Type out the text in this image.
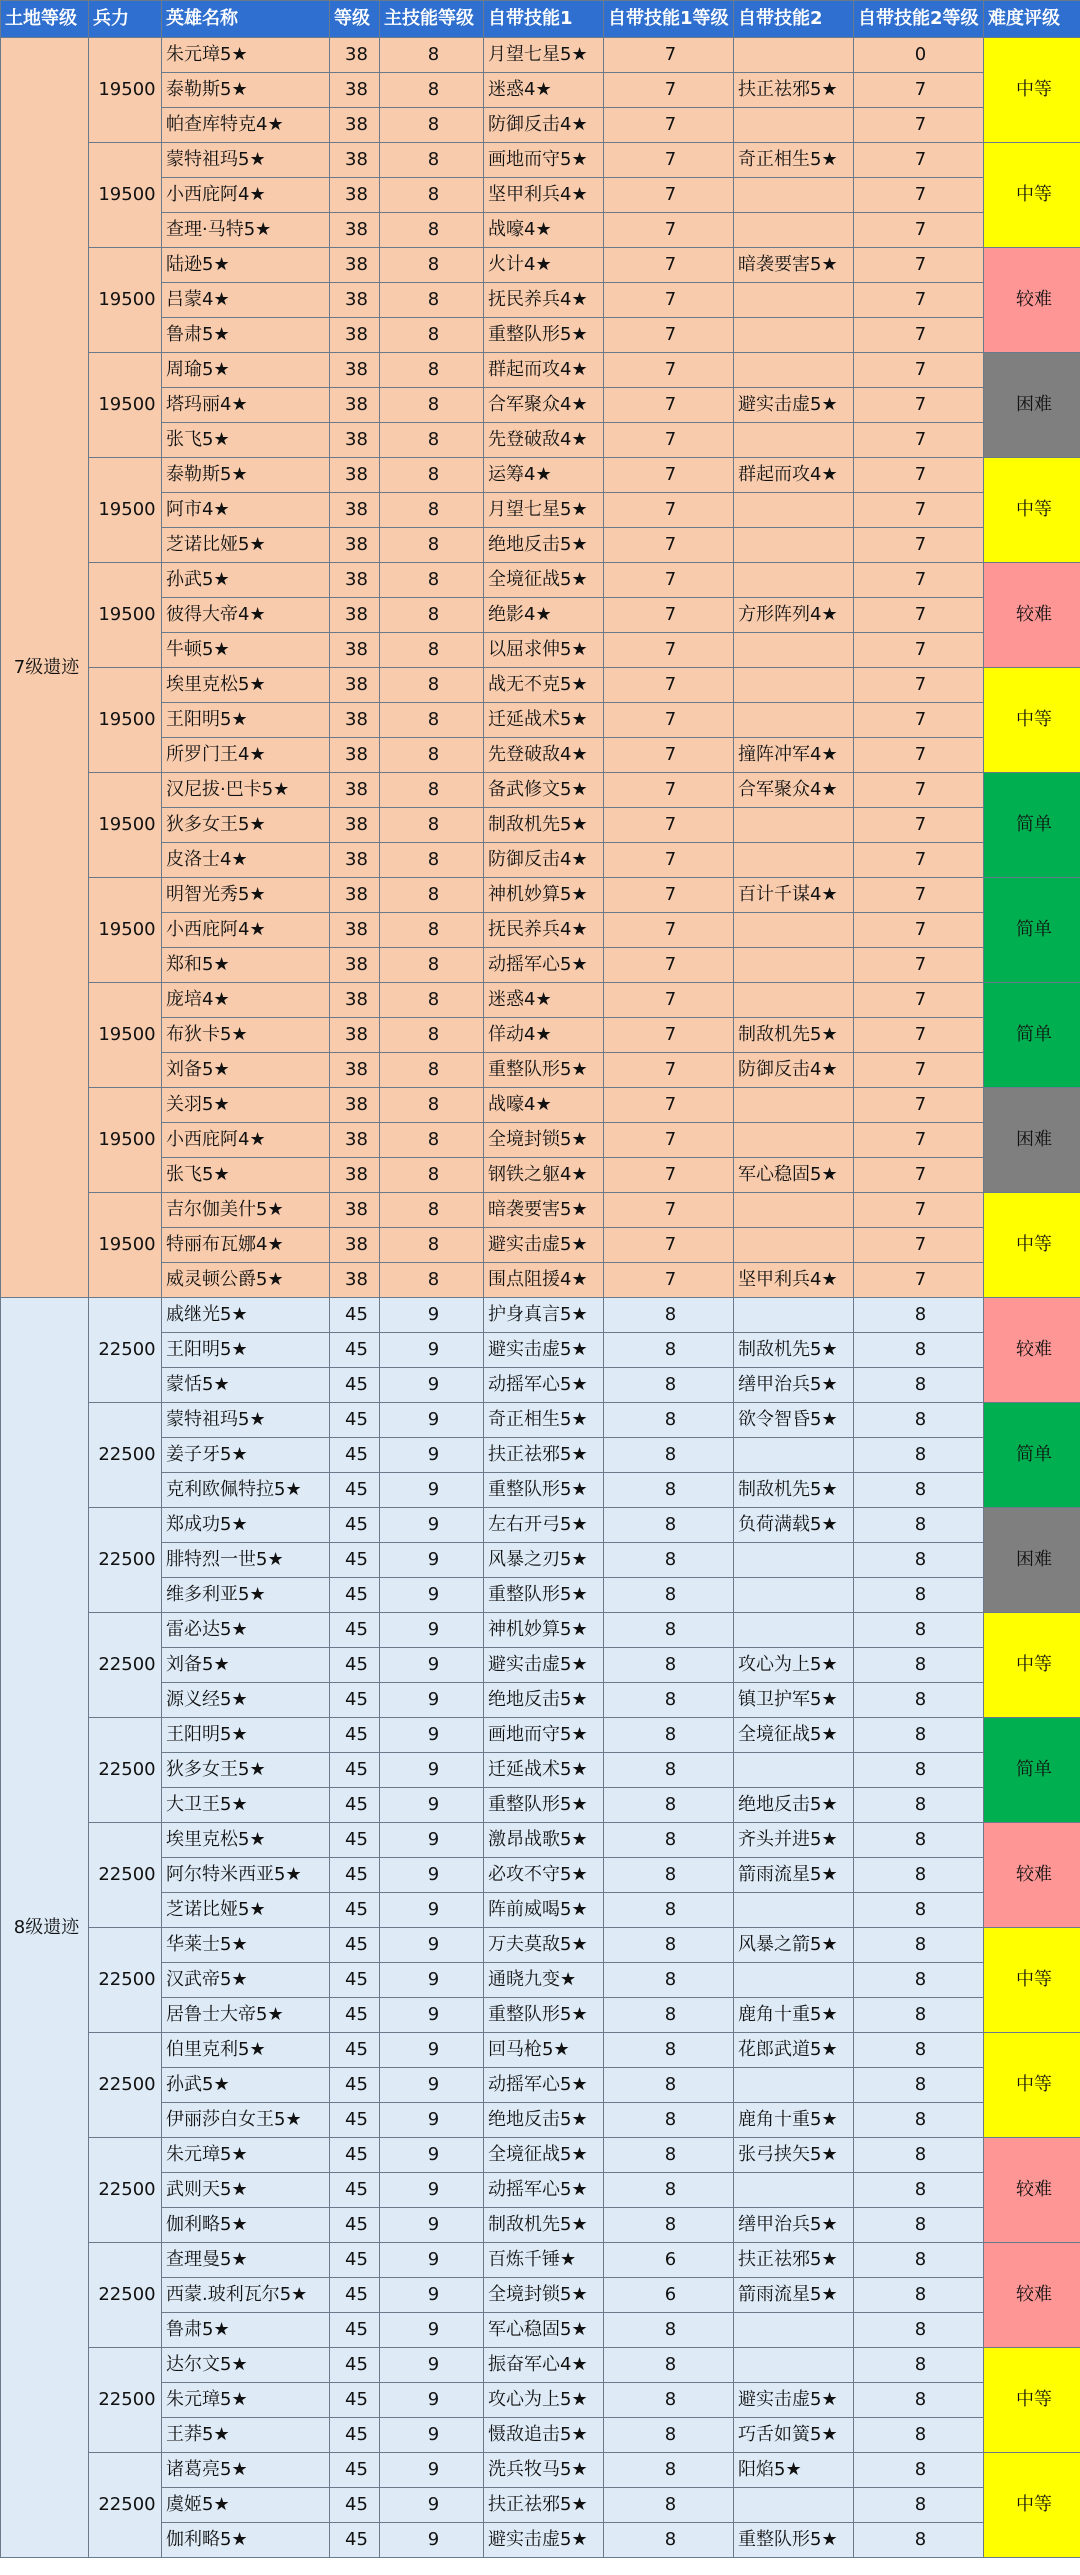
土地等级	兵力	英雄名称	等级	主技能等级	自带技能1	自带技能1等级	自带技能2	自带技能2等级	难度评级
7级遗迹	19500	朱元璋5★	38	8	月望七星5★	7		0	中等
		泰勒斯5★	38	8	迷惑4★	7	扶正祛邪5★	7	
		帕查库特克4★	38	8	防御反击4★	7		7	
	19500	蒙特祖玛5★	38	8	画地而守5★	7	奇正相生5★	7	中等
		小西庇阿4★	38	8	坚甲利兵4★	7		7	
		查理·马特5★	38	8	战嚎4★	7		7	
	19500	陆逊5★	38	8	火计4★	7	暗袭要害5★	7	较难
		吕蒙4★	38	8	抚民养兵4★	7		7	
		鲁肃5★	38	8	重整队形5★	7		7	
	19500	周瑜5★	38	8	群起而攻4★	7		7	困难
		塔玛丽4★	38	8	合军聚众4★	7	避实击虚5★	7	
		张飞5★	38	8	先登破敌4★	7		7	
	19500	泰勒斯5★	38	8	运筹4★	7	群起而攻4★	7	中等
		阿市4★	38	8	月望七星5★	7		7	
		芝诺比娅5★	38	8	绝地反击5★	7		7	
	19500	孙武5★	38	8	全境征战5★	7		7	较难
		彼得大帝4★	38	8	绝影4★	7	方形阵列4★	7	
		牛顿5★	38	8	以屈求伸5★	7		7	
	19500	埃里克松5★	38	8	战无不克5★	7		7	中等
		王阳明5★	38	8	迁延战术5★	7		7	
		所罗门王4★	38	8	先登破敌4★	7	撞阵冲军4★	7	
	19500	汉尼拔·巴卡5★	38	8	备武修文5★	7	合军聚众4★	7	简单
		狄多女王5★	38	8	制敌机先5★	7		7	
		皮洛士4★	38	8	防御反击4★	7		7	
	19500	明智光秀5★	38	8	神机妙算5★	7	百计千谋4★	7	简单
		小西庇阿4★	38	8	抚民养兵4★	7		7	
		郑和5★	38	8	动摇军心5★	7		7	
	19500	庞培4★	38	8	迷惑4★	7		7	简单
		布狄卡5★	38	8	佯动4★	7	制敌机先5★	7	
		刘备5★	38	8	重整队形5★	7	防御反击4★	7	
	19500	关羽5★	38	8	战嚎4★	7		7	困难
		小西庇阿4★	38	8	全境封锁5★	7		7	
		张飞5★	38	8	钢铁之躯4★	7	军心稳固5★	7	
	19500	吉尔伽美什5★	38	8	暗袭要害5★	7		7	中等
		特丽布瓦娜4★	38	8	避实击虚5★	7		7	
		威灵顿公爵5★	38	8	围点阻援4★	7	坚甲利兵4★	7	
8级遗迹	22500	戚继光5★	45	9	护身真言5★	8		8	较难
		王阳明5★	45	9	避实击虚5★	8	制敌机先5★	8	
		蒙恬5★	45	9	动摇军心5★	8	缮甲治兵5★	8	
	22500	蒙特祖玛5★	45	9	奇正相生5★	8	欲令智昏5★	8	简单
		姜子牙5★	45	9	扶正祛邪5★	8		8	
		克利欧佩特拉5★	45	9	重整队形5★	8	制敌机先5★	8	
	22500	郑成功5★	45	9	左右开弓5★	8	负荷满载5★	8	困难
		腓特烈一世5★	45	9	风暴之刃5★	8		8	
		维多利亚5★	45	9	重整队形5★	8		8	
	22500	雷必达5★	45	9	神机妙算5★	8		8	中等
		刘备5★	45	9	避实击虚5★	8	攻心为上5★	8	
		源义经5★	45	9	绝地反击5★	8	镇卫护军5★	8	
	22500	王阳明5★	45	9	画地而守5★	8	全境征战5★	8	简单
		狄多女王5★	45	9	迁延战术5★	8		8	
		大卫王5★	45	9	重整队形5★	8	绝地反击5★	8	
	22500	埃里克松5★	45	9	激昂战歌5★	8	齐头并进5★	8	较难
		阿尔特米西亚5★	45	9	必攻不守5★	8	箭雨流星5★	8	
		芝诺比娅5★	45	9	阵前威喝5★	8		8	
	22500	华莱士5★	45	9	万夫莫敌5★	8	风暴之箭5★	8	中等
		汉武帝5★	45	9	通晓九变★	8		8	
		居鲁士大帝5★	45	9	重整队形5★	8	鹿角十重5★	8	
	22500	伯里克利5★	45	9	回马枪5★	8	花郎武道5★	8	中等
		孙武5★	45	9	动摇军心5★	8		8	
		伊丽莎白女王5★	45	9	绝地反击5★	8	鹿角十重5★	8	
	22500	朱元璋5★	45	9	全境征战5★	8	张弓挟矢5★	8	较难
		武则天5★	45	9	动摇军心5★	8		8	
		伽利略5★	45	9	制敌机先5★	8	缮甲治兵5★	8	
	22500	查理曼5★	45	9	百炼千锤★	6	扶正祛邪5★	8	较难
		西蒙.玻利瓦尔5★	45	9	全境封锁5★	6	箭雨流星5★	8	
		鲁肃5★	45	9	军心稳固5★	8		8	
	22500	达尔文5★	45	9	振奋军心4★	8		8	中等
		朱元璋5★	45	9	攻心为上5★	8	避实击虚5★	8	
		王莽5★	45	9	慑敌追击5★	8	巧舌如簧5★	8	
	22500	诸葛亮5★	45	9	洗兵牧马5★	8	阳焰5★	8	中等
		虞姬5★	45	9	扶正祛邪5★	8		8	
		伽利略5★	45	9	避实击虚5★	8	重整队形5★	8	
